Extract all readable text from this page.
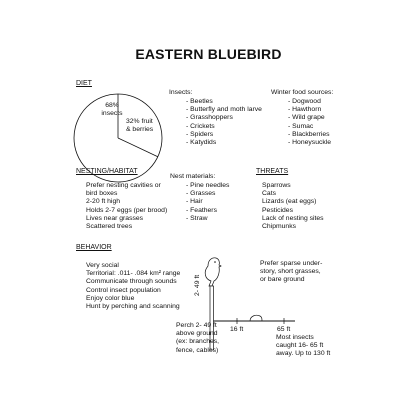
EASTERN BLUEBIRD
DIET
68%
insects
32% fruit
& berries
Insects:
- Beetles
- Butterfly and moth larve
- Grasshoppers
- Crickets
- Spiders
- Katydids
Winter food sources:
- Dogwood
- Hawthorn
- Wild grape
- Sumac
- Blackberries
- Honeysuckle
NESTING/HABITAT
Prefer nesting cavities or
bird boxes
2-20 ft high
Holds 2-7 eggs (per brood)
Lives near grasses
Scattered trees
Nest materials:
- Pine needles
- Grasses
- Hair
- Feathers
- Straw
THREATS
Sparrows
Cats
Lizards (eat eggs)
Pesticides
Lack of nesting sites
Chipmunks
BEHAVIOR
Very social
Territorial: .011- .084 km² range
Communicate through sounds
Control insect population
Enjoy color blue
Hunt by perching and scanning
2- 49 ft
16 ft	65 ft
Prefer sparse under-
story, short grasses,
or bare ground
Perch 2- 49 ft
above ground
(ex: branches,
fence, cables)
Most insects
caught 16- 65 ft
away. Up to 130 ft
